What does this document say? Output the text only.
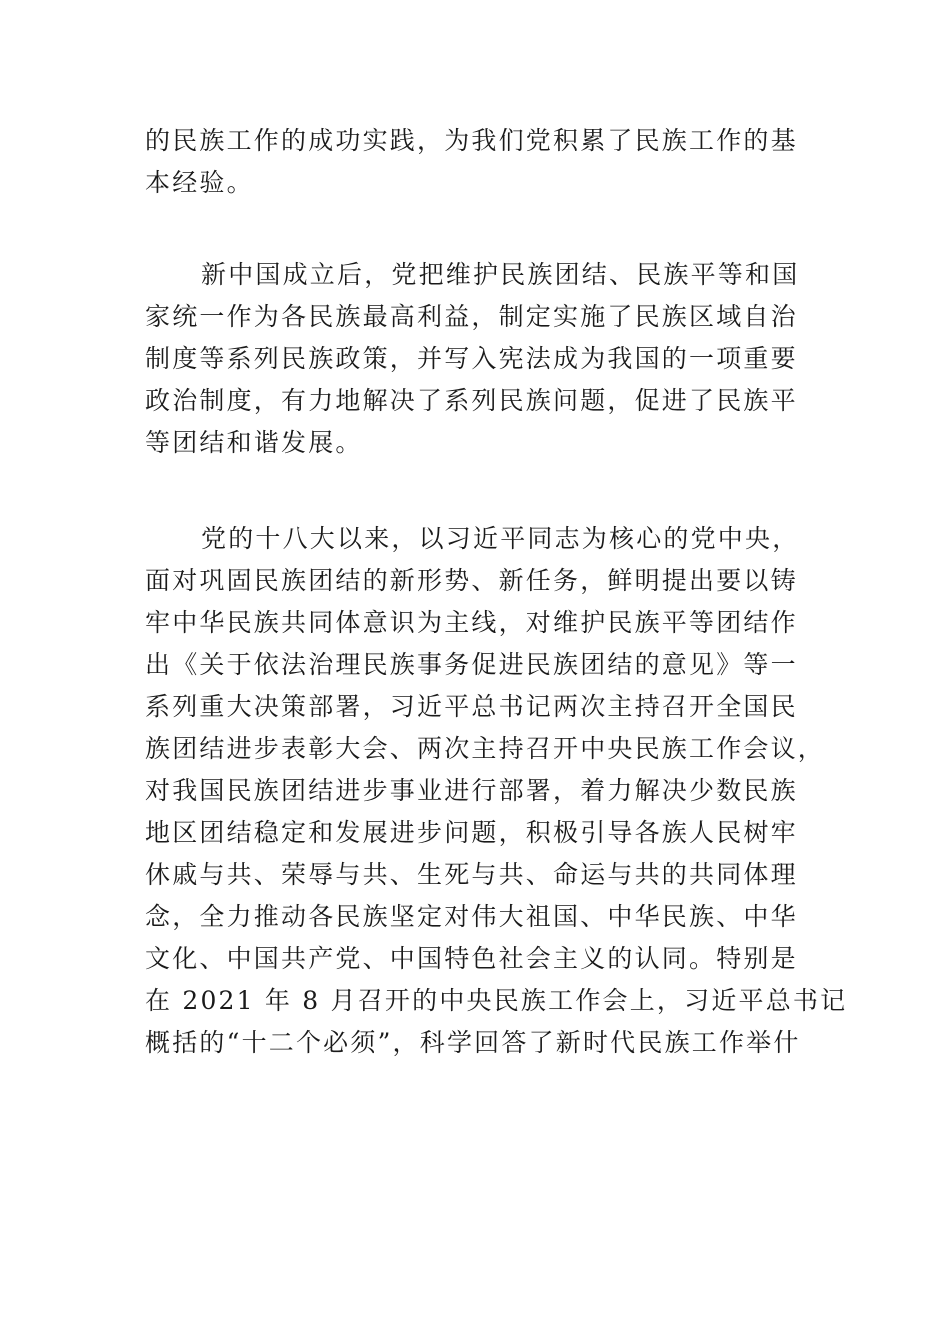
的民族工作的成功实践，为我们党积累了民族工作的基
本经验。
新中国成立后，党把维护民族团结、民族平等和国
家统一作为各民族最高利益，制定实施了民族区域自治
制度等系列民族政策，并写入宪法成为我国的一项重要
政治制度，有力地解决了系列民族问题，促进了民族平
等团结和谐发展。
党的十八大以来，以习近平同志为核心的党中央，
面对巩固民族团结的新形势、新任务，鲜明提出要以铸
牢中华民族共同体意识为主线，对维护民族平等团结作
出《关于依法治理民族事务促进民族团结的意见》等一
系列重大决策部署，习近平总书记两次主持召开全国民
族团结进步表彰大会、两次主持召开中央民族工作会议，
对我国民族团结进步事业进行部署，着力解决少数民族
地区团结稳定和发展进步问题，积极引导各族人民树牢
休戚与共、荣辱与共、生死与共、命运与共的共同体理
念，全力推动各民族坚定对伟大祖国、中华民族、中华
文化、中国共产党、中国特色社会主义的认同。特别是
在 2021 年 8 月召开的中央民族工作会上，习近平总书记
概括的“十二个必须”，科学回答了新时代民族工作举什
